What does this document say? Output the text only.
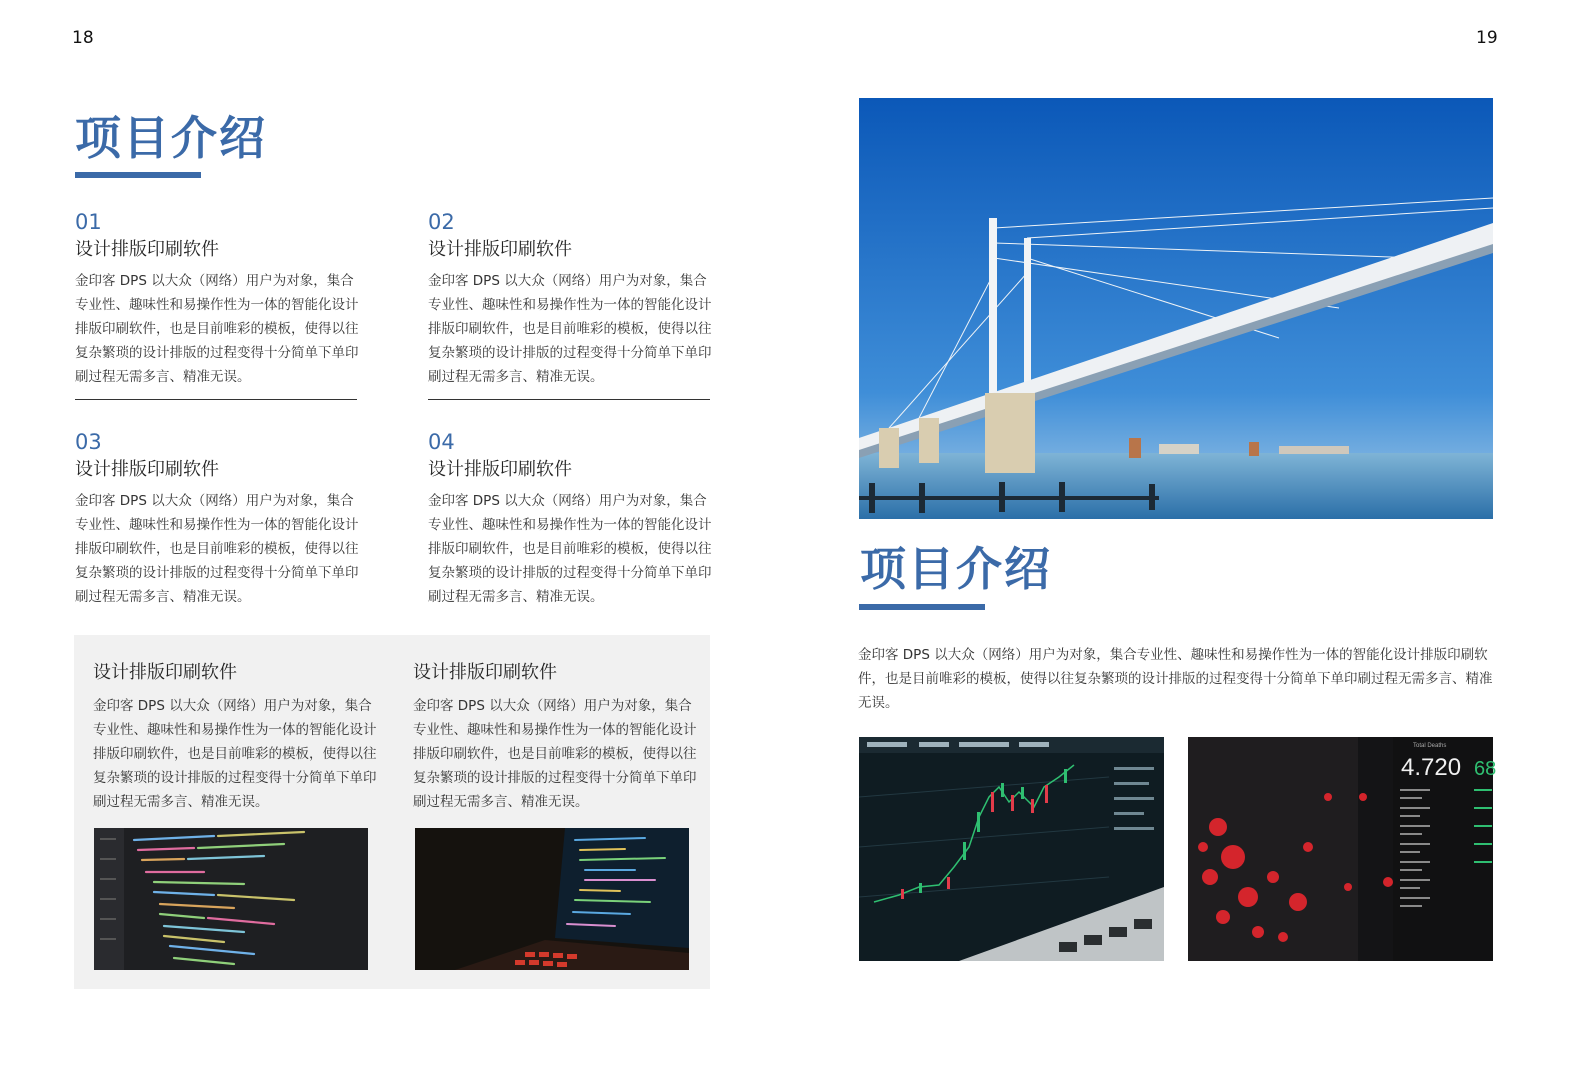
18
项目介绍
01
设计排版印刷软件
金印客 DPS 以大众（网络）用户为对象，集合专业性、趣味性和易操作性为一体的智能化设计排版印刷软件，也是目前唯彩的模板，使得以往复杂繁琐的设计排版的过程变得十分简单下单印刷过程无需多言、精准无误。
02
设计排版印刷软件
金印客 DPS 以大众（网络）用户为对象，集合专业性、趣味性和易操作性为一体的智能化设计排版印刷软件，也是目前唯彩的模板，使得以往复杂繁琐的设计排版的过程变得十分简单下单印刷过程无需多言、精准无误。
03
设计排版印刷软件
金印客 DPS 以大众（网络）用户为对象，集合专业性、趣味性和易操作性为一体的智能化设计排版印刷软件，也是目前唯彩的模板，使得以往复杂繁琐的设计排版的过程变得十分简单下单印刷过程无需多言、精准无误。
04
设计排版印刷软件
金印客 DPS 以大众（网络）用户为对象，集合专业性、趣味性和易操作性为一体的智能化设计排版印刷软件，也是目前唯彩的模板，使得以往复杂繁琐的设计排版的过程变得十分简单下单印刷过程无需多言、精准无误。
设计排版印刷软件
金印客 DPS 以大众（网络）用户为对象，集合专业性、趣味性和易操作性为一体的智能化设计排版印刷软件，也是目前唯彩的模板，使得以往复杂繁琐的设计排版的过程变得十分简单下单印刷过程无需多言、精准无误。
设计排版印刷软件
金印客 DPS 以大众（网络）用户为对象，集合专业性、趣味性和易操作性为一体的智能化设计排版印刷软件，也是目前唯彩的模板，使得以往复杂繁琐的设计排版的过程变得十分简单下单印刷过程无需多言、精准无误。
19
项目介绍
金印客 DPS 以大众（网络）用户为对象，集合专业性、趣味性和易操作性为一体的智能化设计排版印刷软件，也是目前唯彩的模板，使得以往复杂繁琐的设计排版的过程变得十分简单下单印刷过程无需多言、精准无误。
Total Deaths
4.720 68
